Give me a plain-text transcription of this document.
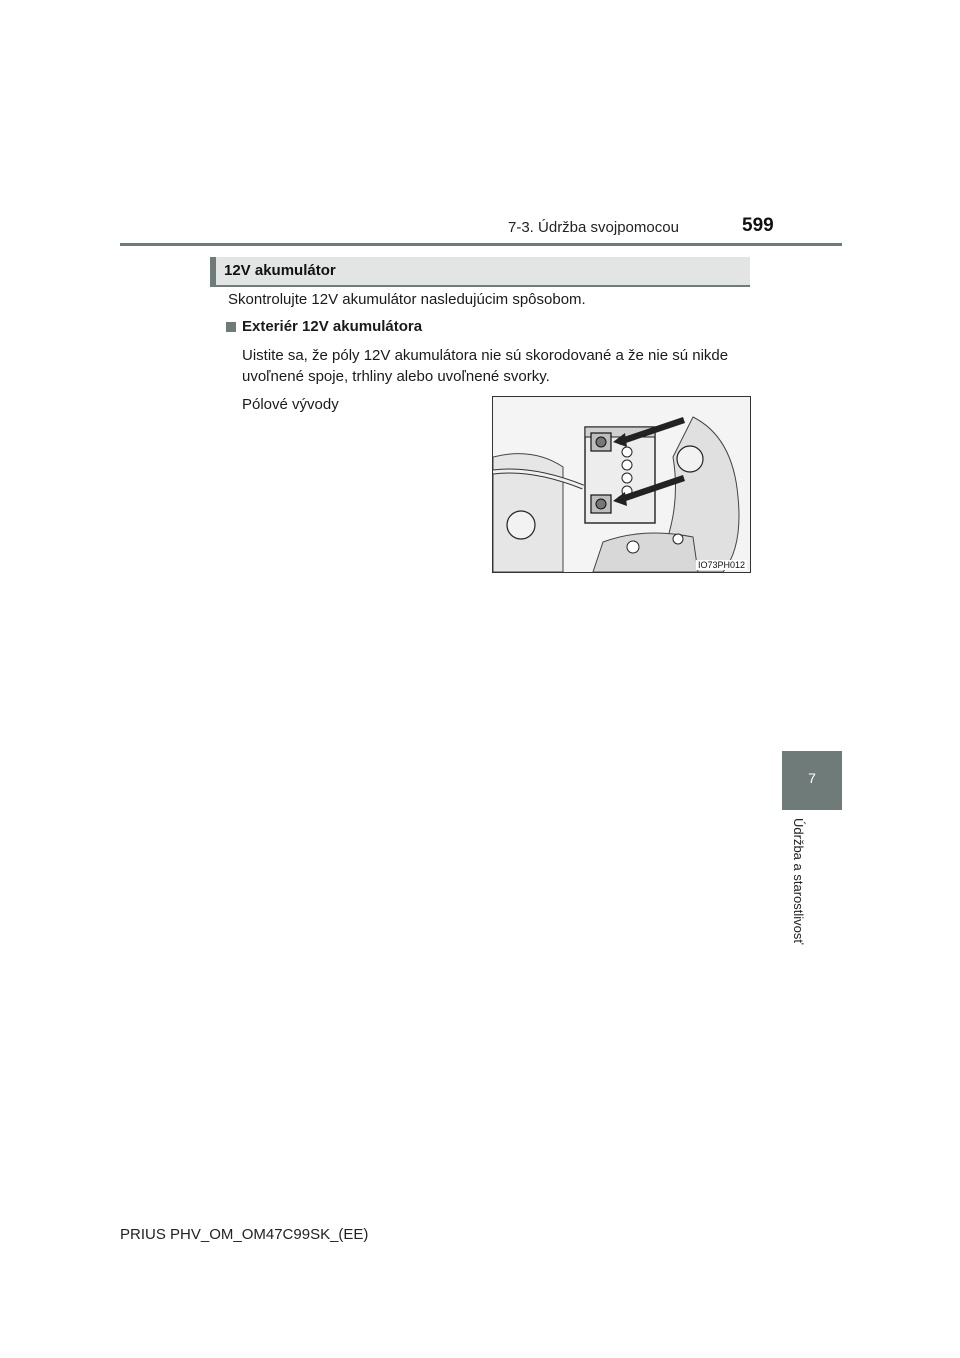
7-3. Údržba svojpomocou	599
7
Údržba a starostlivosť
12V akumulátor
Skontrolujte 12V akumulátor nasledujúcim spôsobom.
Exteriér 12V akumulátora
Uistite sa, že póly 12V akumulátora nie sú skorodované a že nie sú nikde uvoľnené spoje, trhliny alebo uvoľnené svorky.
Pólové vývody
IO73PH012
PRIUS PHV_OM_OM47C99SK_(EE)
